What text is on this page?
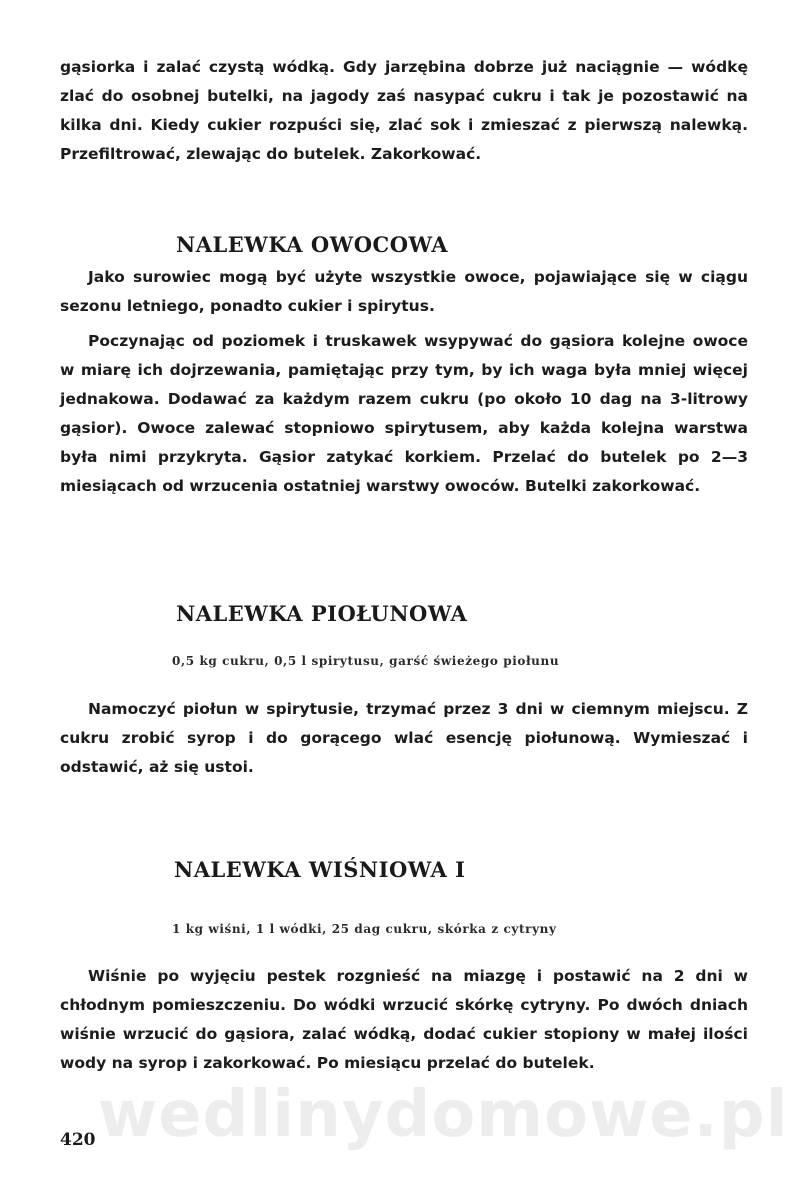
gąsiorka i zalać czystą wódką. Gdy jarzębina dobrze już naciągnie — wódkę zlać do osobnej butelki, na jagody zaś nasypać cukru i tak je pozostawić na kilka dni. Kiedy cukier rozpuści się, zlać sok i zmieszać z pierwszą nalewką. Przefiltrować, zlewając do butelek. Zakorkować.

NALEWKA OWOCOWA

Jako surowiec mogą być użyte wszystkie owoce, pojawiające się w ciągu sezonu letniego, ponadto cukier i spirytus.

Poczynając od poziomek i truskawek wsypywać do gąsiora kolejne owoce w miarę ich dojrzewania, pamiętając przy tym, by ich waga była mniej więcej jednakowa. Dodawać za każdym razem cukru (po około 10 dag na 3-litrowy gąsior). Owoce zalewać stopniowo spirytusem, aby każda kolejna warstwa była nimi przykryta. Gąsior zatykać korkiem. Przelać do butelek po 2—3 miesiącach od wrzucenia ostatniej warstwy owoców. Butelki zakorkować.

NALEWKA PIOŁUNOWA

0,5 kg cukru, 0,5 l spirytusu, garść świeżego piołunu

Namoczyć piołun w spirytusie, trzymać przez 3 dni w ciemnym miejscu. Z cukru zrobić syrop i do gorącego wlać esencję piołunową. Wymieszać i odstawić, aż się ustoi.

NALEWKA WIŚNIOWA I

1 kg wiśni, 1 l wódki, 25 dag cukru, skórka z cytryny

Wiśnie po wyjęciu pestek rozgnieść na miazgę i postawić na 2 dni w chłodnym pomieszczeniu. Do wódki wrzucić skórkę cytryny. Po dwóch dniach wiśnie wrzucić do gąsiora, zalać wódką, dodać cukier stopiony w małej ilości wody na syrop i zakorkować. Po miesiącu przelać do butelek.

wedlinydomowe.pl
420
